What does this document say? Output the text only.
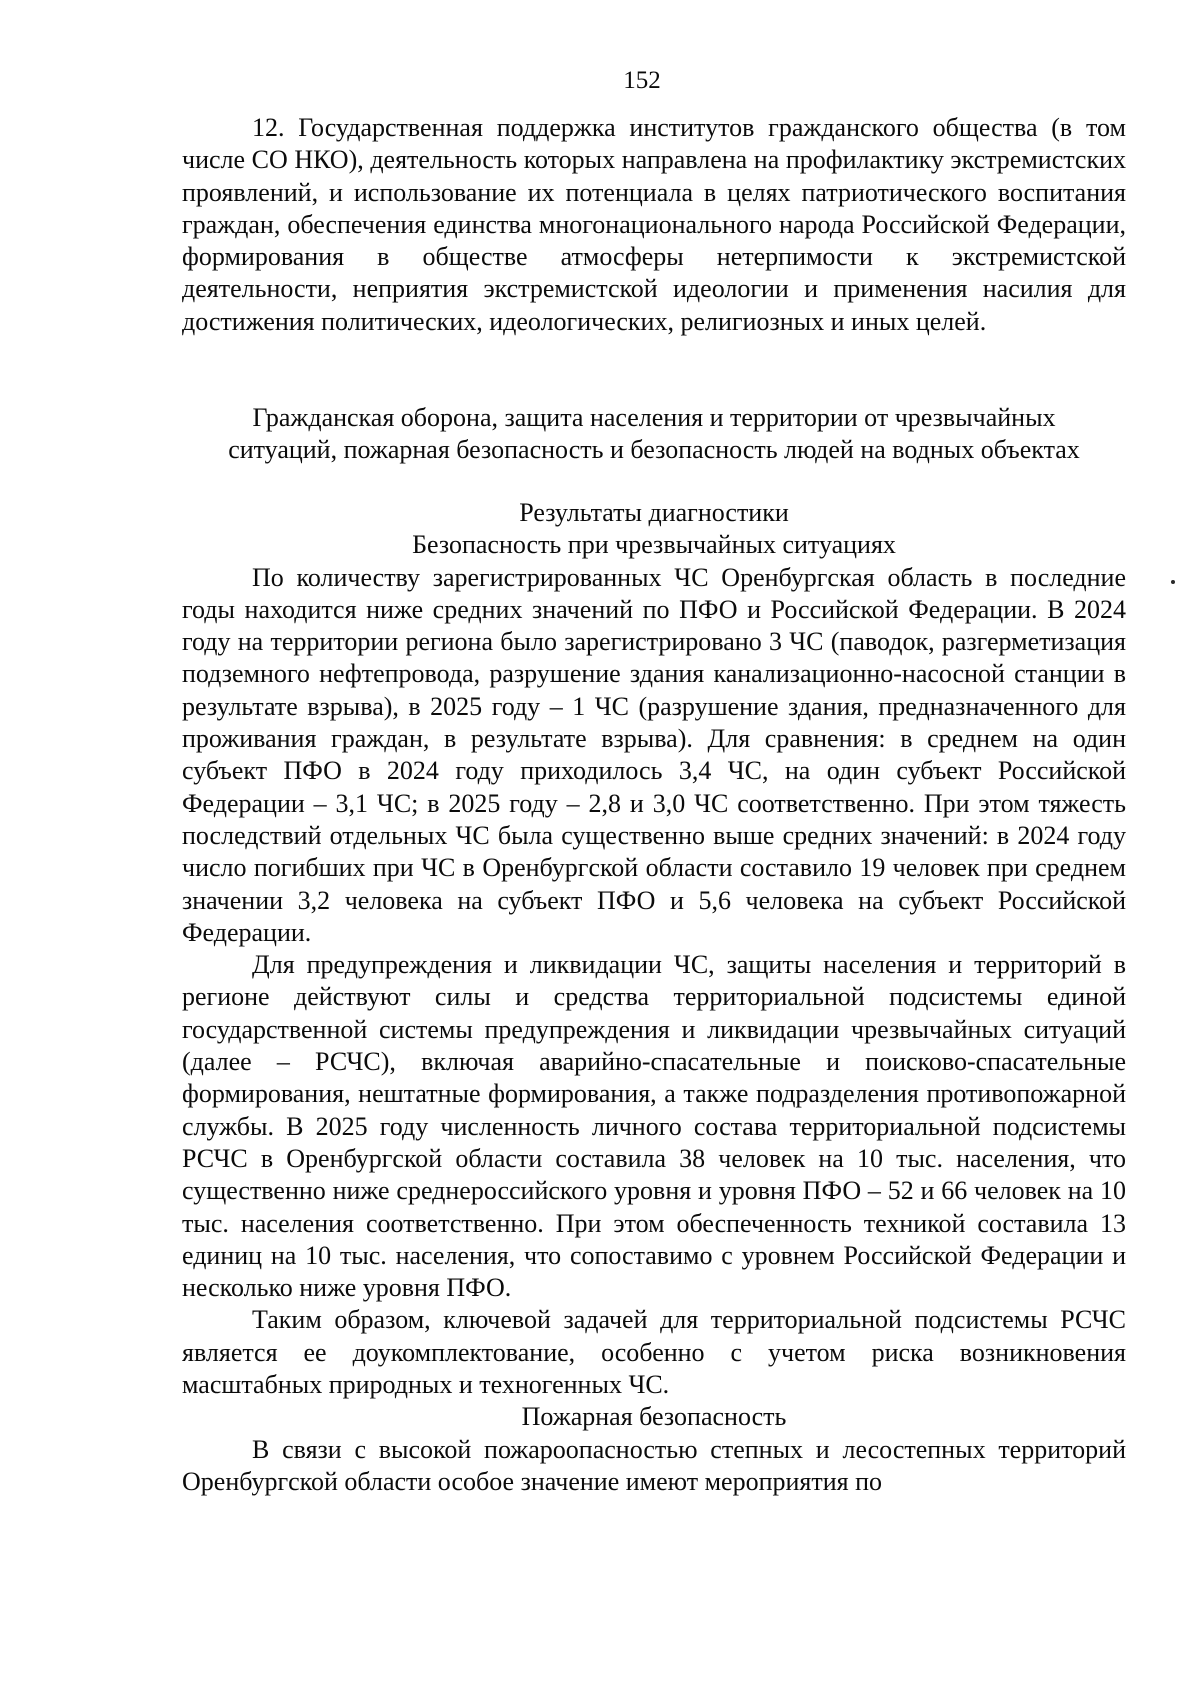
152

12. Государственная поддержка институтов гражданского общества (в том числе СО НКО), деятельность которых направлена на профилактику экстремистских проявлений, и использование их потенциала в целях патриотического воспитания граждан, обеспечения единства многонационального народа Российской Федерации, формирования в обществе атмосферы нетерпимости к экстремистской деятельности, неприятия экстремистской идеологии и применения насилия для достижения политических, идеологических, религиозных и иных целей.

Гражданская оборона, защита населения и территории от чрезвычайных

ситуаций, пожарная безопасность и безопасность людей на водных объектах

Результаты диагностики

Безопасность при чрезвычайных ситуациях

По количеству зарегистрированных ЧС Оренбургская область в последние годы находится ниже средних значений по ПФО и Российской Федерации. В 2024 году на территории региона было зарегистрировано 3 ЧС (паводок, разгерметизация подземного нефтепровода, разрушение здания канализационно-насосной станции в результате взрыва), в 2025 году – 1 ЧС (разрушение здания, предназначенного для проживания граждан, в результате взрыва). Для сравнения: в среднем на один субъект ПФО в 2024 году приходилось 3,4 ЧС, на один субъект Российской Федерации – 3,1 ЧС; в 2025 году – 2,8 и 3,0 ЧС соответственно. При этом тяжесть последствий отдельных ЧС была существенно выше средних значений: в 2024 году число погибших при ЧС в Оренбургской области составило 19 человек при среднем значении 3,2 человека на субъект ПФО и 5,6 человека на субъект Российской Федерации.

Для предупреждения и ликвидации ЧС, защиты населения и территорий в регионе действуют силы и средства территориальной подсистемы единой государственной системы предупреждения и ликвидации чрезвычайных ситуаций (далее – РСЧС), включая аварийно-спасательные и поисково-спасательные формирования, нештатные формирования, а также подразделения противопожарной службы. В 2025 году численность личного состава территориальной подсистемы РСЧС в Оренбургской области составила 38 человек на 10 тыс. населения, что существенно ниже среднероссийского уровня и уровня ПФО – 52 и 66 человек на 10 тыс. населения соответственно. При этом обеспеченность техникой составила 13 единиц на 10 тыс. населения, что сопоставимо с уровнем Российской Федерации и несколько ниже уровня ПФО.

Таким образом, ключевой задачей для территориальной подсистемы РСЧС является ее доукомплектование, особенно с учетом риска возникновения масштабных природных и техногенных ЧС.

Пожарная безопасность

В связи с высокой пожароопасностью степных и лесостепных территорий Оренбургской области особое значение имеют мероприятия по
